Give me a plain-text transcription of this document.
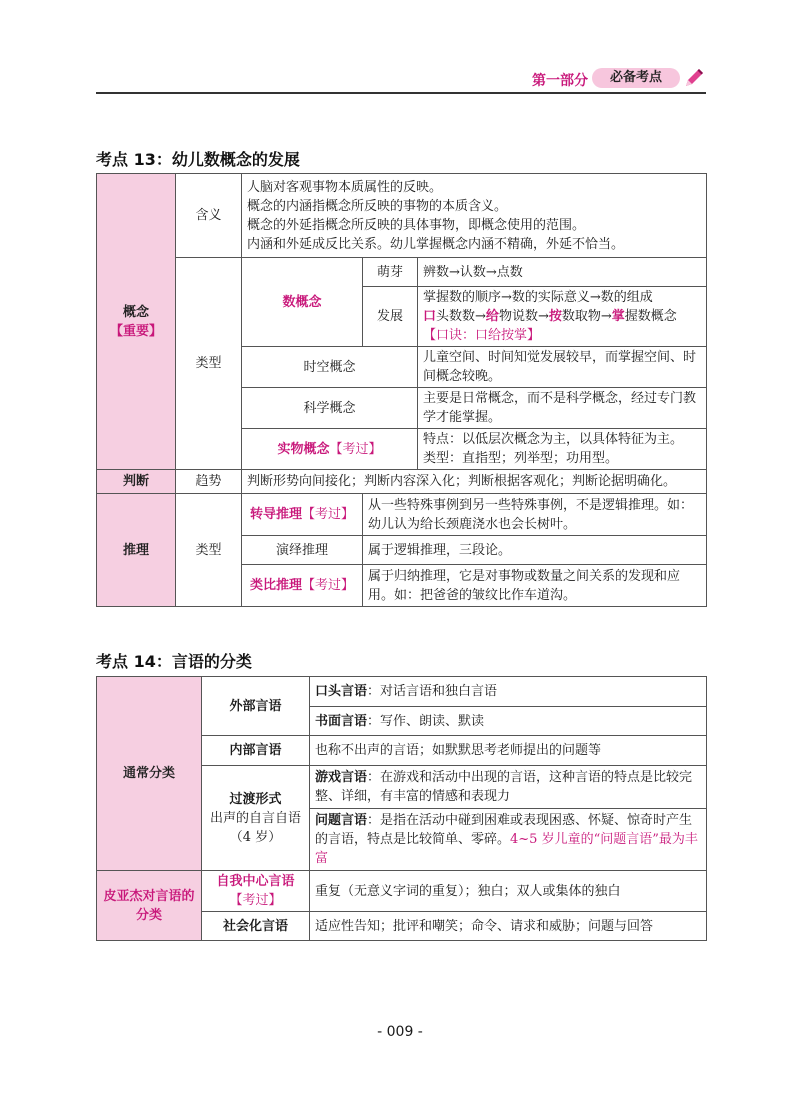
第一部分	必备考点
考点 13：幼儿数概念的发展
概念
【重要】	含义	人脑对客观事物本质属性的反映。
概念的内涵指概念所反映的事物的本质含义。
概念的外延指概念所反映的具体事物，即概念使用的范围。
内涵和外延成反比关系。幼儿掌握概念内涵不精确，外延不恰当。		

	类型	数概念	萌芽	辨数→认数→点数
			发展	掌握数的顺序→数的实际意义→数的组成
口头数数→给物说数→按数取物→掌握数概念
【口诀：口给按掌】

		时空概念		儿童空间、时间知觉发展较早，而掌握空间、时间概念较晚。
		科学概念		主要是日常概念，而不是科学概念，经过专门教学才能掌握。
		实物概念【考过】		特点：以低层次概念为主，以具体特征为主。
类型：直指型；列举型；功用型。

判断	趋势	判断形势向间接化；判断内容深入化；判断根据客观化；判断论据明确化。		
推理	类型	转导推理【考过】	从一些特殊事例到另一些特殊事例，不是逻辑推理。如：幼儿认为给长颈鹿浇水也会长树叶。	
		演绎推理	属于逻辑推理，三段论。	
		类比推理【考过】	属于归纳推理，它是对事物或数量之间关系的发现和应用。如：把爸爸的皱纹比作车道沟。	
考点 14：言语的分类
通常分类	外部言语	口头言语：对话言语和独白言语
		书面言语：写作、朗读、默读
	内部言语	也称不出声的言语；如默默思考老师提出的问题等

	过渡形式
出声的自言自语
（4 岁）	游戏言语：在游戏和活动中出现的言语，这种言语的特点是比较完整、详细，有丰富的情感和表现力
		问题言语：是指在活动中碰到困难或表现困惑、怀疑、惊奇时产生的言语，特点是比较简单、零碎。4~5 岁儿童的“问题言语”最为丰富
皮亚杰对言语的分类	自我中心言语
【考过】	重复（无意义字词的重复）；独白；双人或集体的独白
	社会化言语	适应性告知；批评和嘲笑；命令、请求和威胁；问题与回答
- 009 -
